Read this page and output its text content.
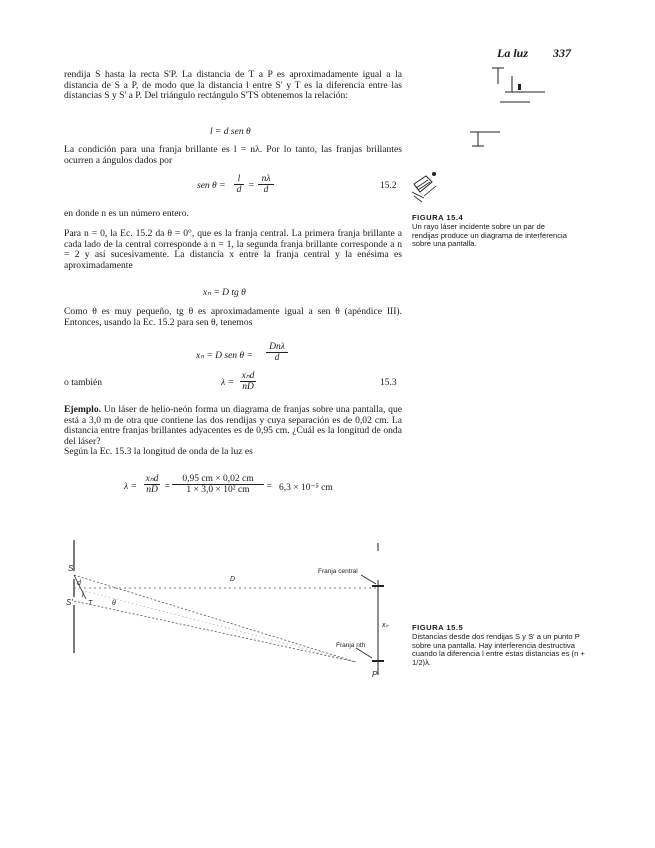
La luz 337
rendija S hasta la recta S'P. La distancia de T a P es aproximadamente igual a la distancia de S a P, de modo que la distancia l entre S' y T es la diferencia entre las distancias S y S' a P. Del triángulo rectángulo S'TS obtenemos la relación:
l = d sen θ
La condición para una franja brillante es l = nλ. Por lo tanto, las franjas brillantes ocurren a ángulos dados por
sen θ =
l
d =
nλ
d	15.2
en donde n es un número entero.	FIGURA 15.4
Un rayo láser incidente sobre un par de rendijas produce un diagrama de interferencia sobre una pantalla.
Para n = 0, la Ec. 15.2 da θ = 0°, que es la franja central. La primera franja brillante a cada lado de la central corresponde a n = 1, la segunda franja brillante corresponde a n = 2 y así sucesivamente. La distancia x entre la franja central y la enésima es aproximadamente
xₙ = D tg θ
Como θ es muy pequeño, tg θ es aproximadamente igual a sen θ (apéndice III). Entonces, usando la Ec. 15.2 para sen θ, tenemos
xₙ = D sen θ =
Dnλ
d
o también	λ =
xₙd
nD	15.3
Ejemplo. Un láser de helio-neón forma un diagrama de franjas sobre una pantalla, que está a 3,0 m de otra que contiene las dos rendijas y cuya separación es de 0,02 cm. La distancia entre franjas brillantes adyacentes es de 0,95 cm. ¿Cuál es la longitud de onda del láser?
Según la Ec. 15.3 la longitud de onda de la luz es
λ =
xₙd
nD =
0,95 cm × 0,02 cm
1 × 3,0 × 10² cm	= 6,3 × 10⁻⁵ cm
Franja central
Franja nth
S
S'
d
l
T	θ
D
xₙ
P
FIGURA 15.5
Distancias desde dos rendijas S y S' a un punto P sobre una pantalla. Hay interferencia destructiva cuando la diferencia l entre estas distancias es (n + 1/2)λ.
